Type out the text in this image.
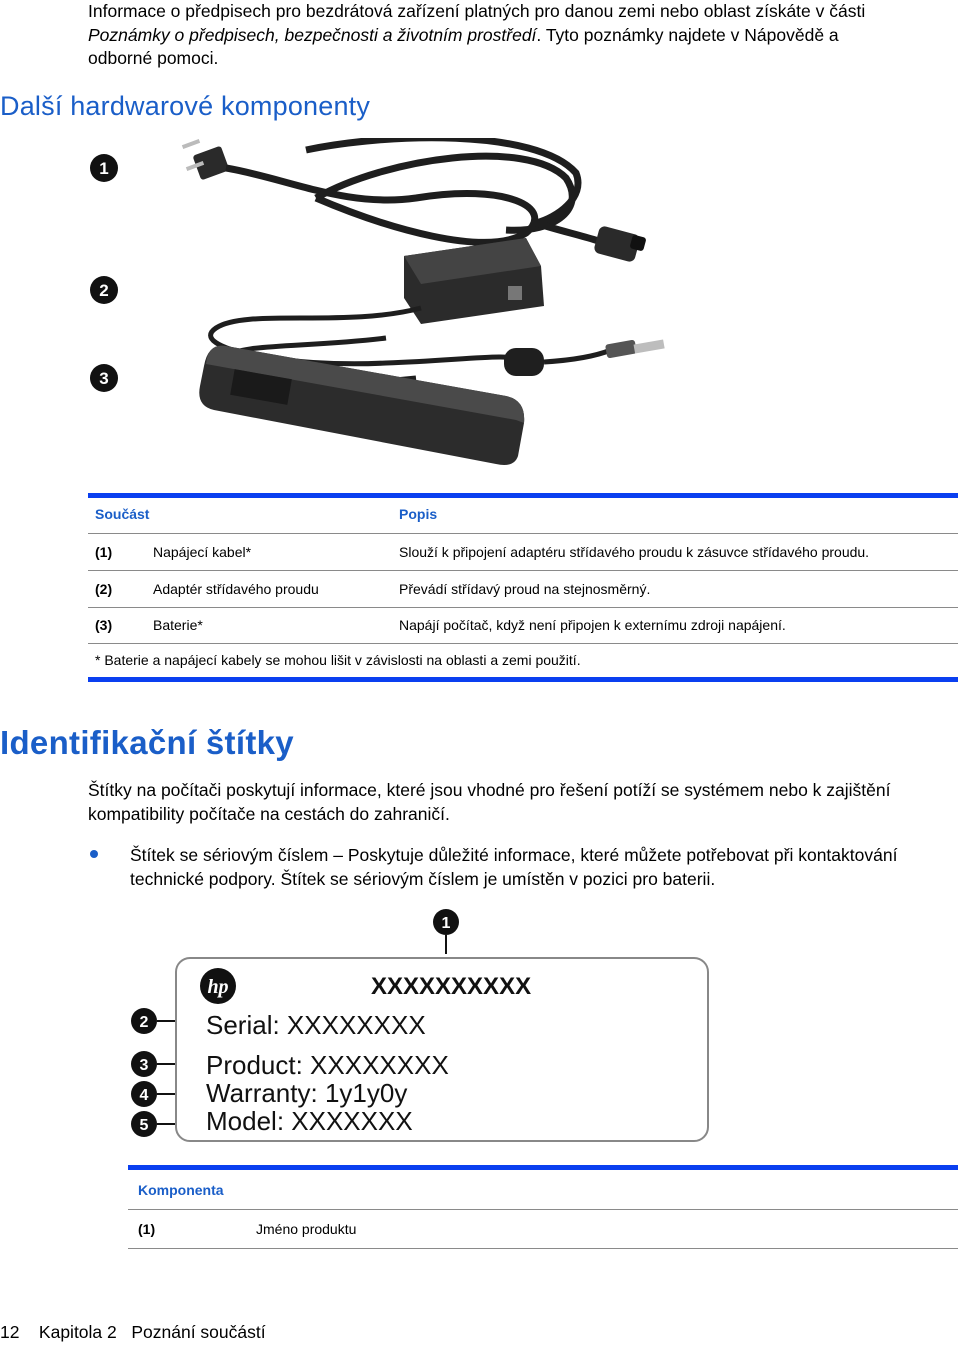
Informace o předpisech pro bezdrátová zařízení platných pro danou zemi nebo oblast získáte v části
Poznámky o předpisech, bezpečnosti a životním prostředí. Tyto poznámky najdete v Nápovědě a
odborné pomoci.
Další hardwarové komponenty
1
2
3
Součást	Popis
(1)	Napájecí kabel*	Slouží k připojení adaptéru střídavého proudu k zásuvce střídavého proudu.
(2)	Adaptér střídavého proudu	Převádí střídavý proud na stejnosměrný.
(3)	Baterie*	Napájí počítač, když není připojen k externímu zdroji napájení.
* Baterie a napájecí kabely se mohou lišit v závislosti na oblasti a zemi použití.
Identifikační štítky
Štítky na počítači poskytují informace, které jsou vhodné pro řešení potíží se systémem nebo k zajištění kompatibility počítače na cestách do zahraničí.
Štítek se sériovým číslem – Poskytuje důležité informace, které můžete potřebovat při kontaktování technické podpory. Štítek se sériovým číslem je umístěn v pozici pro baterii.
1
2
3
4
5
hp	XXXXXXXXXX
Serial: XXXXXXXX
Product: XXXXXXXX
Warranty: 1y1y0y
Model: XXXXXXX
Komponenta
(1)	Jméno produktu
12 Kapitola 2 Poznání součástí
